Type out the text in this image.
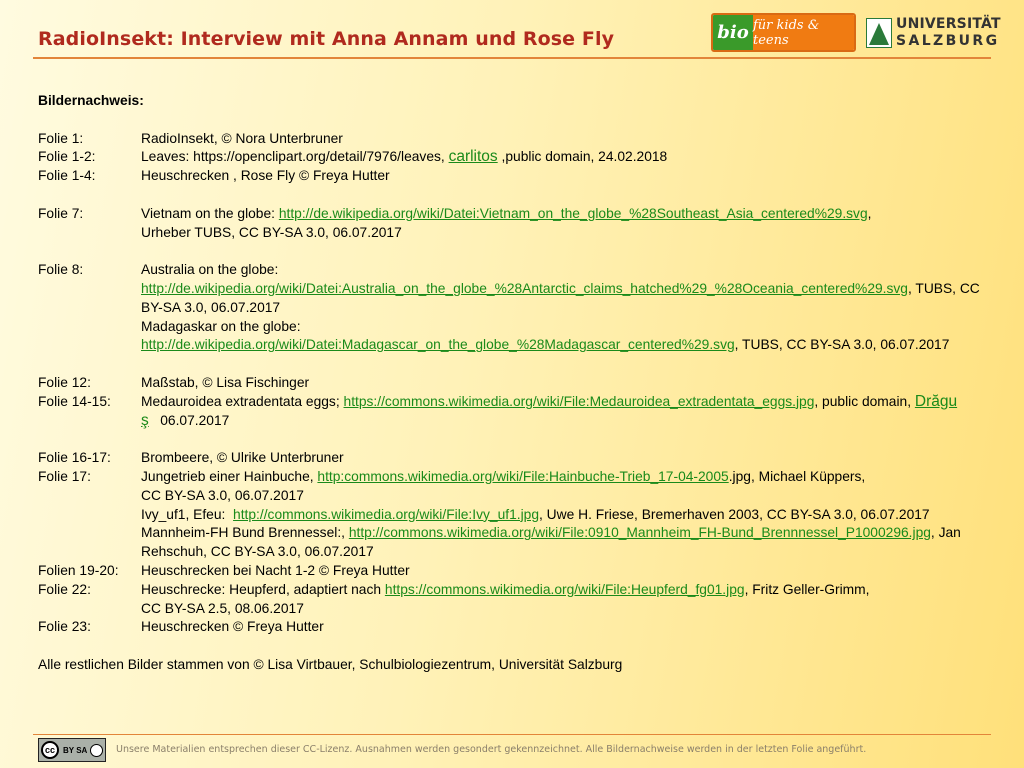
RadioInsekt: Interview mit Anna Annam und Rose Fly	bio für kids & teens
UNIVERSITÄT
SALZBURG
Bildernachweis:
Folie 1:	RadioInsekt, © Nora Unterbruner
Folie 1-2:	Leaves: https://openclipart.org/detail/7976/leaves, carlitos ,public domain, 24.02.2018
Folie 1-4:	Heuschrecken , Rose Fly © Freya Hutter
Folie 7:	Vietnam on the globe: http://de.wikipedia.org/wiki/Datei:Vietnam_on_the_globe_%28Southeast_Asia_centered%29.svg,
Urheber TUBS, CC BY-SA 3.0, 06.07.2017
Folie 8:	Australia on the globe:
http://de.wikipedia.org/wiki/Datei:Australia_on_the_globe_%28Antarctic_claims_hatched%29_%28Oceania_centered%29.svg, TUBS, CC BY-SA 3.0, 06.07.2017
Madagaskar on the globe:
http://de.wikipedia.org/wiki/Datei:Madagascar_on_the_globe_%28Madagascar_centered%29.svg, TUBS, CC BY-SA 3.0, 06.07.2017
Folie 12:	Maßstab, © Lisa Fischinger
Folie 14-15:	Medauroidea extradentata eggs; https://commons.wikimedia.org/wiki/File:Medauroidea_extradentata_eggs.jpg, public domain, Drăguş 06.07.2017
Folie 16-17:	Brombeere, © Ulrike Unterbruner
Folie 17:	Jungetrieb einer Hainbuche, http:commons.wikimedia.org/wiki/File:Hainbuche-Trieb_17-04-2005.jpg, Michael Küppers,
CC BY-SA 3.0, 06.07.2017
Ivy_uf1, Efeu: http://commons.wikimedia.org/wiki/File:Ivy_uf1.jpg, Uwe H. Friese, Bremerhaven 2003, CC BY-SA 3.0, 06.07.2017
Mannheim-FH Bund Brennessel:, http://commons.wikimedia.org/wiki/File:0910_Mannheim_FH-Bund_Brennnessel_P1000296.jpg, Jan Rehschuh, CC BY-SA 3.0, 06.07.2017
Folien 19-20:	Heuschrecken bei Nacht 1-2 © Freya Hutter
Folie 22:	Heuschrecke: Heupferd, adaptiert nach https://commons.wikimedia.org/wiki/File:Heupferd_fg01.jpg, Fritz Geller-Grimm,
CC BY-SA 2.5, 08.06.2017
Folie 23:	Heuschrecken © Freya Hutter
Alle restlichen Bilder stammen von © Lisa Virtbauer, Schulbiologiezentrum, Universität Salzburg
cc	BY SA	Unsere Materialien entsprechen dieser CC-Lizenz. Ausnahmen werden gesondert gekennzeichnet. Alle Bildernachweise werden in der letzten Folie angeführt.
